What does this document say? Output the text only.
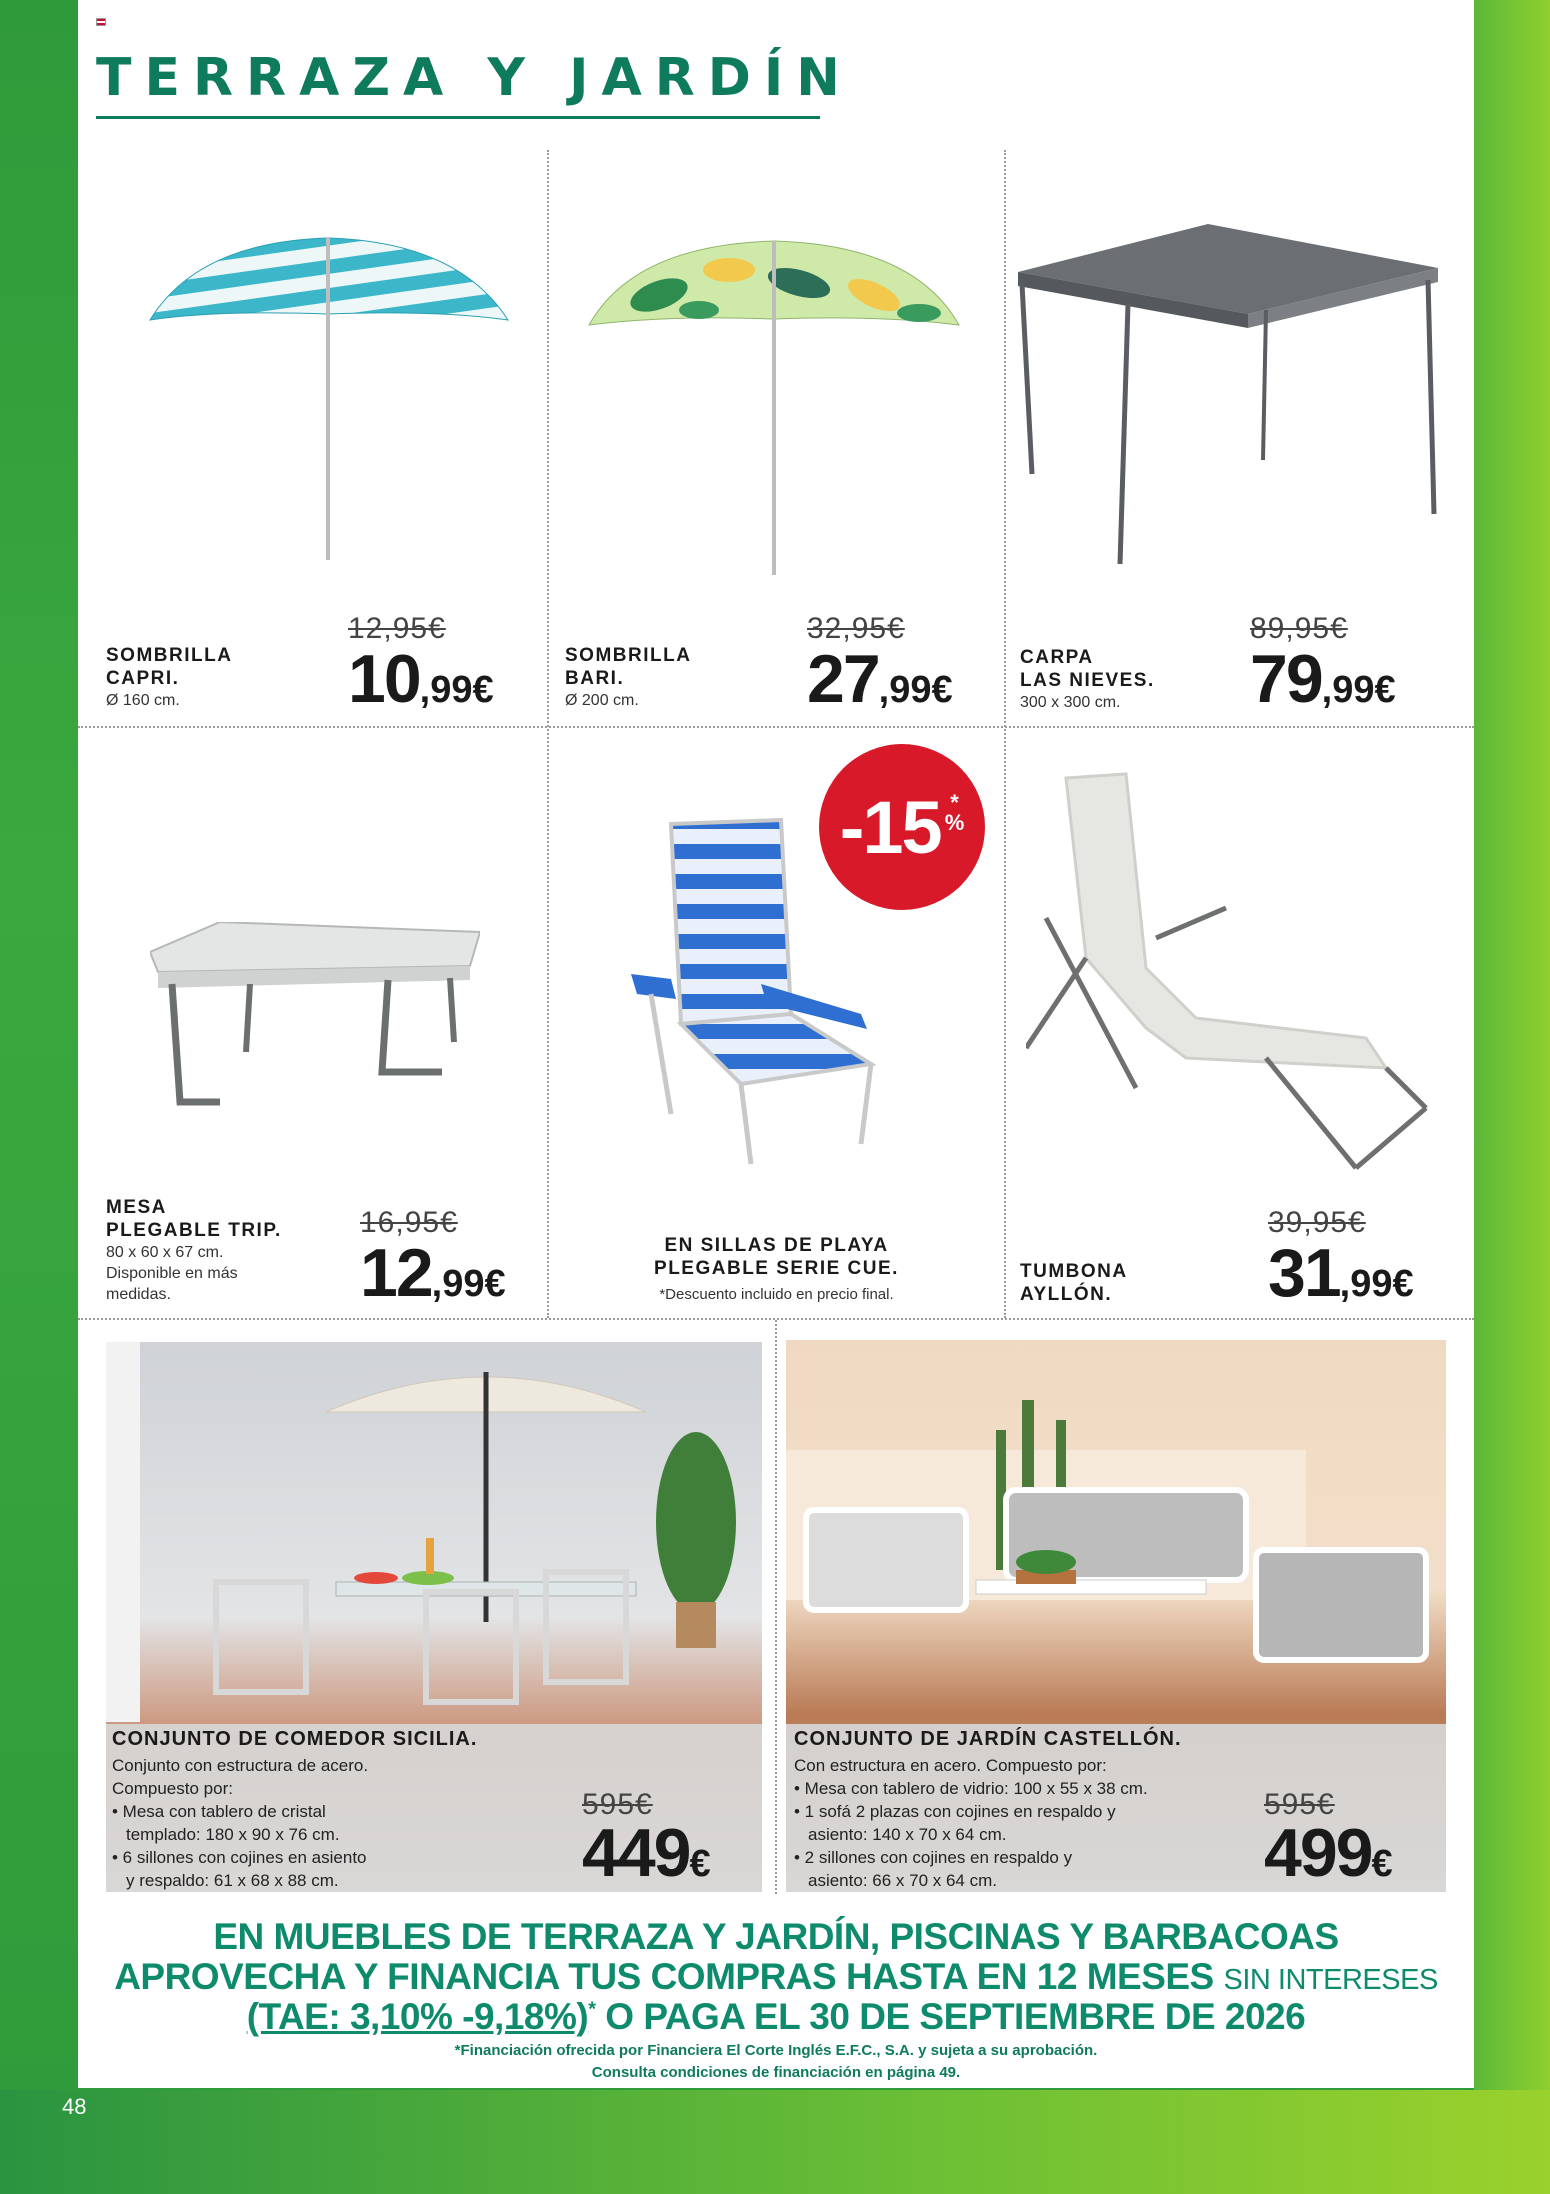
TERRAZA Y JARDÍN
SOMBRILLA
CAPRI.
Ø 160 cm.
12,95€
10,99€
SOMBRILLA
BARI.
Ø 200 cm.
32,95€
27,99€
CARPA
LAS NIEVES.
300 x 300 cm.
89,95€
79,99€
MESA
PLEGABLE TRIP.
80 x 60 x 67 cm.
Disponible en más
medidas.
16,95€
12,99€
-15 *
%
EN SILLAS DE PLAYA
PLEGABLE SERIE CUE.
*Descuento incluido en precio final.
TUMBONA
AYLLÓN.
39,95€
31,99€
CONJUNTO DE COMEDOR SICILIA.
Conjunto con estructura de acero.
Compuesto por:
• Mesa con tablero de cristal
templado: 180 x 90 x 76 cm.
• 6 sillones con cojines en asiento
y respaldo: 61 x 68 x 88 cm.
595€
449€
CONJUNTO DE JARDÍN CASTELLÓN.
Con estructura en acero. Compuesto por:
• Mesa con tablero de vidrio: 100 x 55 x 38 cm.
• 1 sofá 2 plazas con cojines en respaldo y
asiento: 140 x 70 x 64 cm.
• 2 sillones con cojines en respaldo y
asiento: 66 x 70 x 64 cm.
595€
499€
EN MUEBLES DE TERRAZA Y JARDÍN, PISCINAS Y BARBACOAS
APROVECHA Y FINANCIA TUS COMPRAS HASTA EN 12 MESES SIN INTERESES
(TAE: 3,10% -9,18%)* O PAGA EL 30 DE SEPTIEMBRE DE 2026
*Financiación ofrecida por Financiera El Corte Inglés E.F.C., S.A. y sujeta a su aprobación.
Consulta condiciones de financiación en página 49.
48
